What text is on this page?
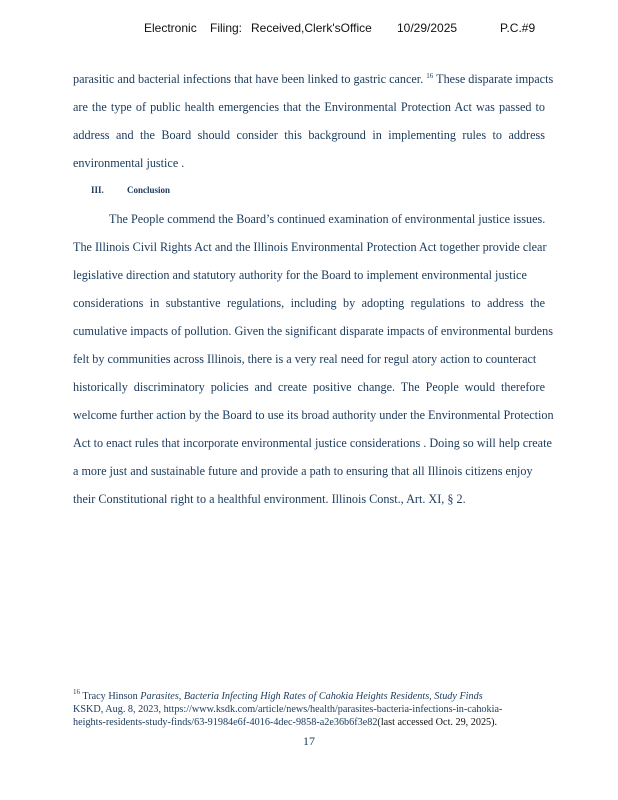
Electronic Filing: Received,Clerk'sOffice 10/29/2025	P.C.#9
parasitic and bacterial infections that have been linked to gastric cancer. $^{16}$ These disparate impacts
are the type of public health emergencies that the Environmental Protection Act was passed to
address and the Board should consider this background in implementing rules to address
environmental justice .
III.	Conclusion
The People commend the Board’s continued examination of environmental justice issues.
The Illinois Civil Rights Act and the Illinois Environmental Protection Act together provide clear
legislative direction and statutory authority for the Board to implement environmental justice
considerations in substantive regulations, including by adopting regulations to address the
cumulative impacts of pollution. Given the significant disparate impacts of environmental burdens
felt by communities across Illinois, there is a very real need for regul atory action to counteract
historically discriminatory policies and create positive change. The People would therefore
welcome further action by the Board to use its broad authority under the Environmental Protection
Act to enact rules that incorporate environmental justice considerations . Doing so will help create
a more just and sustainable future and provide a path to ensuring that all Illinois citizens enjoy
their Constitutional right to a healthful environment. Illinois Const., Art. XI, § 2.
$^{16}$ Tracy Hinson Parasites, Bacteria Infecting High Rates of Cahokia Heights Residents, Study Finds
KSKD, Aug. 8, 2023, https://www.ksdk.com/article/news/health/parasites-bacteria-infections-in-cahokia-
heights-residents-study-finds/63-91984e6f-4016-4dec-9858-a2e36b6f3e82(last accessed Oct. 29, 2025).
17
